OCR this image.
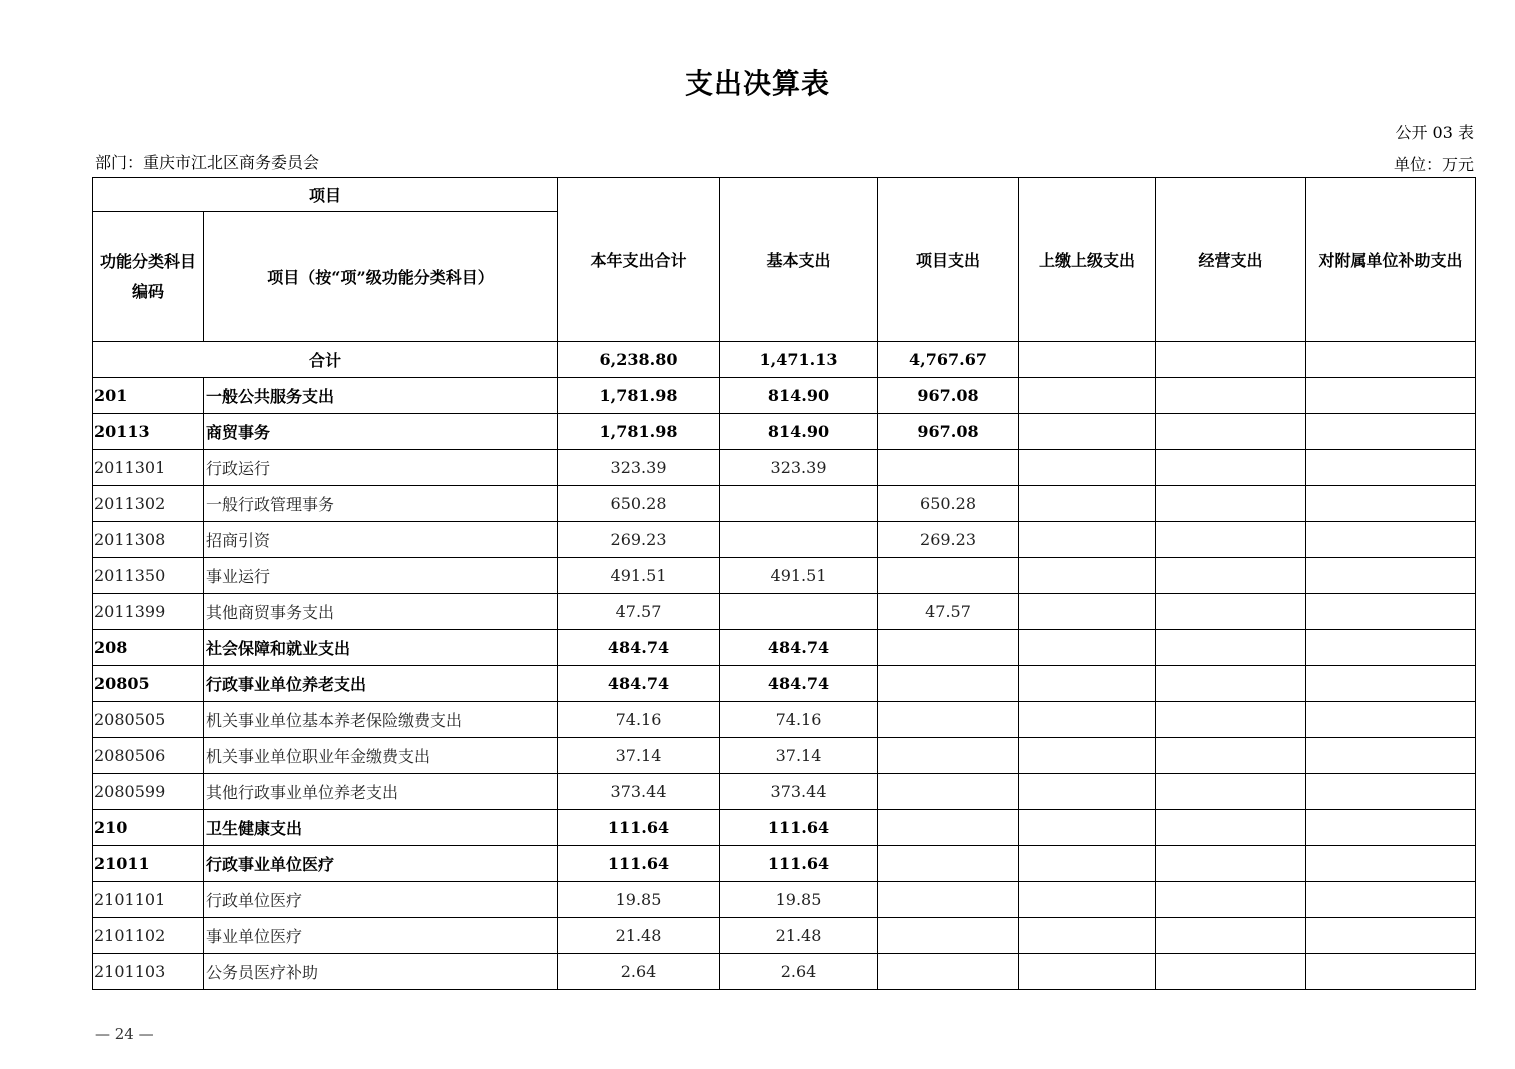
支出决算表
公开 03 表
部门：重庆市江北区商务委员会	单位：万元
项目		本年支出合计	基本支出	项目支出	上缴上级支出	经营支出	对附属单位补助支出
功能分类科目编码	项目（按“项”级功能分类科目）						
合计		6,238.80	1,471.13	4,767.67			
201	一般公共服务支出	1,781.98	814.90	967.08			
20113	商贸事务	1,781.98	814.90	967.08			
2011301	行政运行	323.39	323.39				
2011302	一般行政管理事务	650.28		650.28			
2011308	招商引资	269.23		269.23			
2011350	事业运行	491.51	491.51				
2011399	其他商贸事务支出	47.57		47.57			
208	社会保障和就业支出	484.74	484.74				
20805	行政事业单位养老支出	484.74	484.74				
2080505	机关事业单位基本养老保险缴费支出	74.16	74.16				
2080506	机关事业单位职业年金缴费支出	37.14	37.14				
2080599	其他行政事业单位养老支出	373.44	373.44				
210	卫生健康支出	111.64	111.64				
21011	行政事业单位医疗	111.64	111.64				
2101101	行政单位医疗	19.85	19.85				
2101102	事业单位医疗	21.48	21.48				
2101103	公务员医疗补助	2.64	2.64				
— 24 —
